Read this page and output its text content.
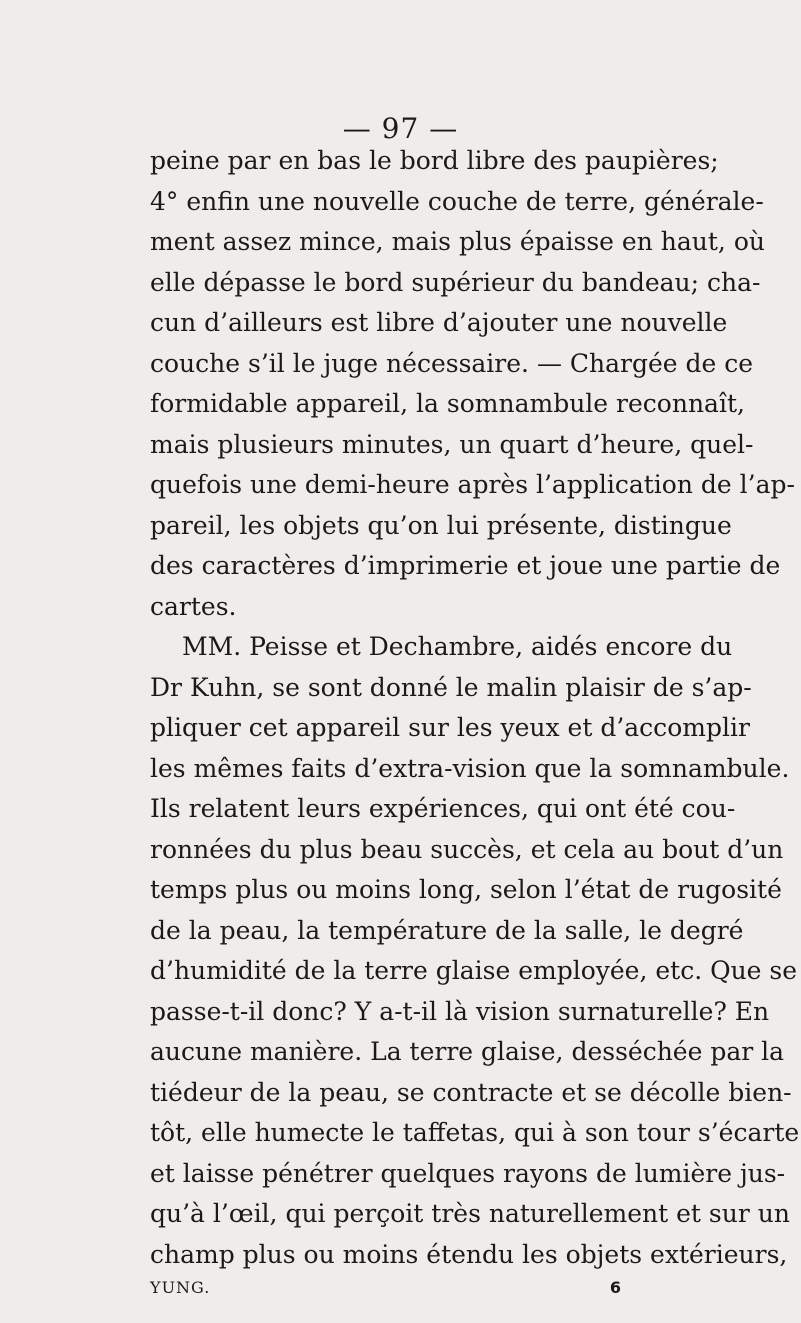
— 97 —
peine par en bas le bord libre des paupières;
4° enfin une nouvelle couche de terre, générale-
ment assez mince, mais plus épaisse en haut, où
elle dépasse le bord supérieur du bandeau; cha-
cun d’ailleurs est libre d’ajouter une nouvelle
couche s’il le juge nécessaire. — Chargée de ce
formidable appareil, la somnambule reconnaît,
mais plusieurs minutes, un quart d’heure, quel-
quefois une demi-heure après l’application de l’ap-
pareil, les objets qu’on lui présente, distingue
des caractères d’imprimerie et joue une partie de
cartes.
MM. Peisse et Dechambre, aidés encore du
Dr Kuhn, se sont donné le malin plaisir de s’ap-
pliquer cet appareil sur les yeux et d’accomplir
les mêmes faits d’extra-vision que la somnambule.
Ils relatent leurs expériences, qui ont été cou-
ronnées du plus beau succès, et cela au bout d’un
temps plus ou moins long, selon l’état de rugosité
de la peau, la température de la salle, le degré
d’humidité de la terre glaise employée, etc. Que se
passe-t-il donc? Y a-t-il là vision surnaturelle? En
aucune manière. La terre glaise, desséchée par la
tiédeur de la peau, se contracte et se décolle bien-
tôt, elle humecte le taffetas, qui à son tour s’écarte
et laisse pénétrer quelques rayons de lumière jus-
qu’à l’œil, qui perçoit très naturellement et sur un
champ plus ou moins étendu les objets extérieurs,
YUNG.	6
